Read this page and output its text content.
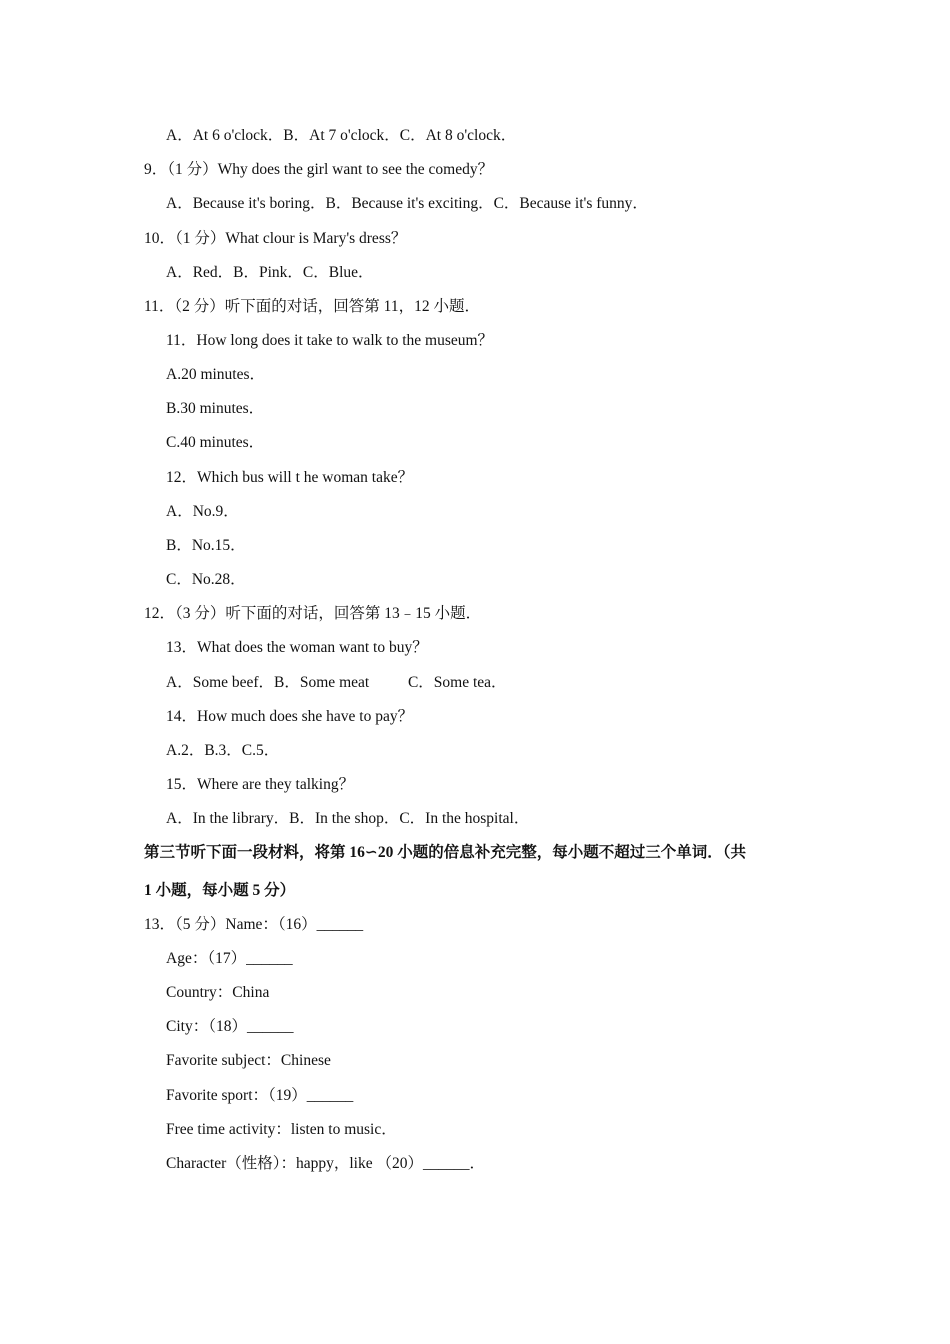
A．At 6 o'clock．B．At 7 o'clock．C．At 8 o'clock．

9．（1 分）Why does the girl want to see the comedy？

A．Because it's boring．B．Because it's exciting．C．Because it's funny．

10．（1 分）What clour is Mary's dress？

A．Red．B．Pink．C．Blue．

11．（2 分）听下面的对话，回答第 11，12 小题．

11．How long does it take to walk to the museum？

A.20 minutes．

B.30 minutes．

C.40 minutes．

12．Which bus will t he woman take？

A．No.9．

B．No.15．

C．No.28．

12．（3 分）听下面的对话，回答第 13﹣15 小题．

13．What does the woman want to buy？

A．Some beef．B．Some meat          C．Some tea．

14．How much does she have to pay？

A.2．B.3．C.5．

15．Where are they talking？

A．In the library．B．In the shop．C．In the hospital．

第三节听下面一段材料，将第 16∽20 小题的倍息补充完整，每小题不超过三个单词．（共

1 小题，每小题 5 分）

13．（5 分）Name：（16）______

Age：（17）______

Country：China

City：（18）______

Favorite subject：Chinese

Favorite sport：（19）______

Free time activity：listen to music．

Character（性格）：happy，like （20）______．
